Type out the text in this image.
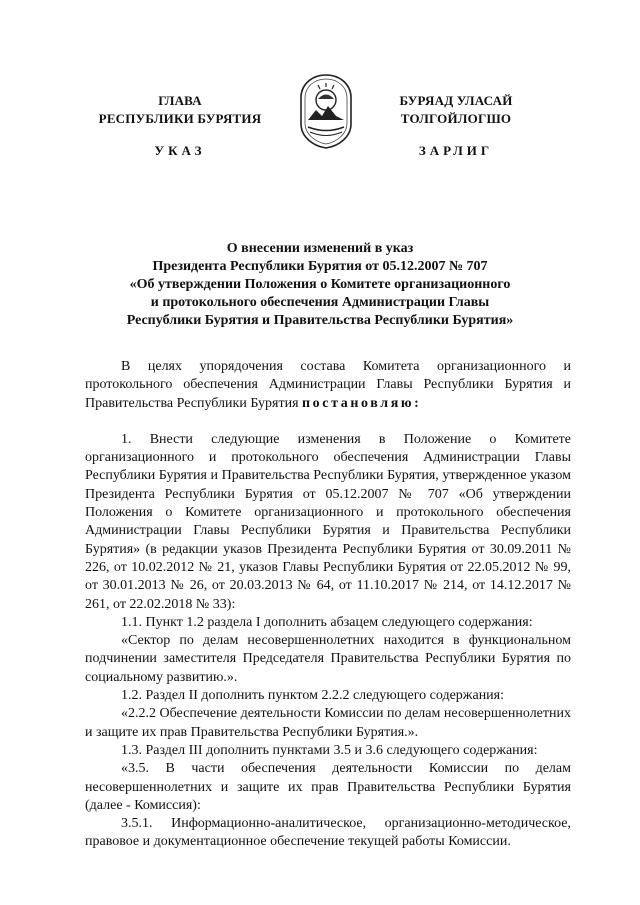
ГЛАВА
РЕСПУБЛИКИ БУРЯТИЯ
БУРЯАД УЛАСАЙ
ТОЛГОЙЛОГШО
УКАЗ	ЗАРЛИГ
О внесении изменений в указ
Президента Республики Бурятия от 05.12.2007 № 707
«Об утверждении Положения о Комитете организационного
и протокольного обеспечения Администрации Главы
Республики Бурятия и Правительства Республики Бурятия»

В целях упорядочения состава Комитета организационного и протокольного обеспечения Администрации Главы Республики Бурятия и Правительства Республики Бурятия постановляю:

1. Внести следующие изменения в Положение о Комитете организационного и протокольного обеспечения Администрации Главы Республики Бурятия и Правительства Республики Бурятия, утвержденное указом Президента Республики Бурятия от 05.12.2007 № 707 «Об утверждении Положения о Комитете организационного и протокольного обеспечения Администрации Главы Республики Бурятия и Правительства Республики Бурятия» (в редакции указов Президента Республики Бурятия от 30.09.2011 № 226, от 10.02.2012 № 21, указов Главы Республики Бурятия от 22.05.2012 № 99, от 30.01.2013 № 26, от 20.03.2013 № 64, от 11.10.2017 № 214, от 14.12.2017 № 261, от 22.02.2018 № 33):

1.1. Пункт 1.2 раздела I дополнить абзацем следующего содержания:

«Сектор по делам несовершеннолетних находится в функциональном подчинении заместителя Председателя Правительства Республики Бурятия по социальному развитию.».

1.2. Раздел II дополнить пунктом 2.2.2 следующего содержания:

«2.2.2 Обеспечение деятельности Комиссии по делам несовершеннолетних и защите их прав Правительства Республики Бурятия.».

1.3. Раздел III дополнить пунктами 3.5 и 3.6 следующего содержания:

«3.5. В части обеспечения деятельности Комиссии по делам несовершеннолетних и защите их прав Правительства Республики Бурятия (далее - Комиссия):

3.5.1. Информационно-аналитическое, организационно-методическое, правовое и документационное обеспечение текущей работы Комиссии.
